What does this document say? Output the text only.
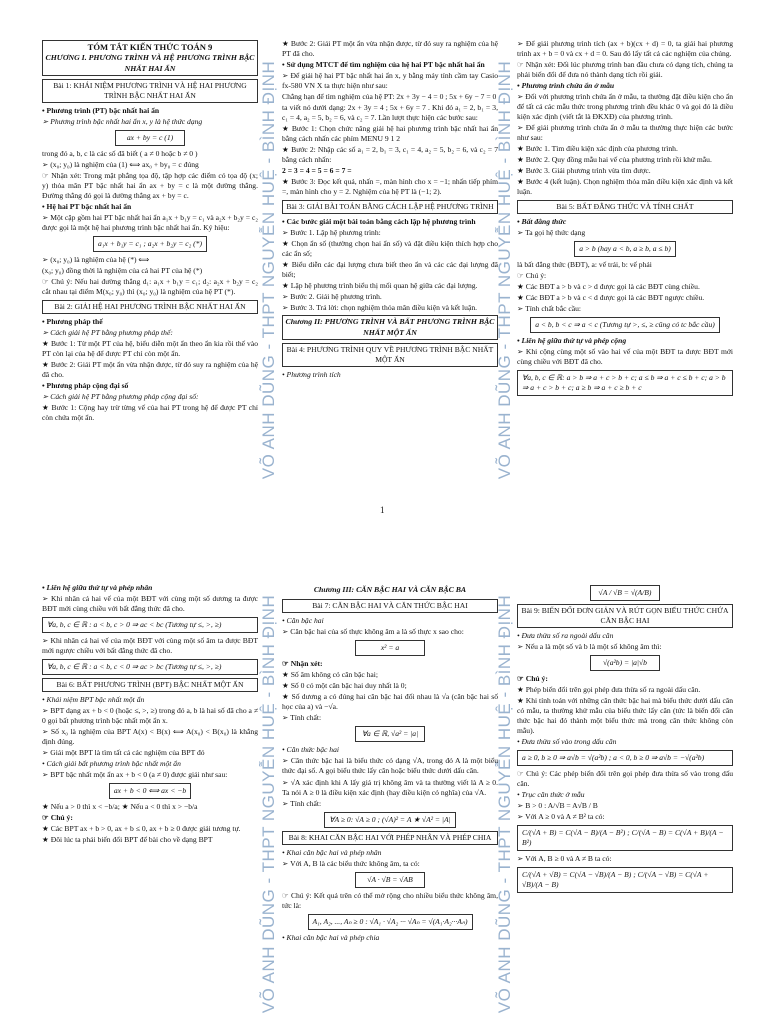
VÕ ANH DŨNG - THPT NGUYỄN HUỆ - BÌNH ĐỊNH	VÕ ANH DŨNG - THPT NGUYỄN HUỆ - BÌNH ĐỊNH
TÓM TẮT KIẾN THỨC TOÁN 9
CHƯƠNG I. PHƯƠNG TRÌNH VÀ HỆ PHƯƠNG TRÌNH BẬC NHẤT HAI ẨN
Bài 1: KHÁI NIỆM PHƯƠNG TRÌNH VÀ HỆ HAI PHƯƠNG TRÌNH BẬC NHẤT HAI ẨN

• Phương trình (PT) bậc nhất hai ẩn

➢ Phương trình bậc nhất hai ẩn x, y là hệ thức dạng

ax + by = c (1)

trong đó a, b, c là các số đã biết ( a ≠ 0 hoặc b ≠ 0 )

➢ (x₀; y₀) là nghiệm của (1) ⟺ ax₀ + by₀ = c đúng

☞ Nhận xét: Trong mặt phẳng tọa độ, tập hợp các điểm có tọa độ (x; y) thỏa mãn PT bậc nhất hai ẩn ax + by = c là một đường thẳng. Đường thẳng đó gọi là đường thẳng ax + by = c.

• Hệ hai PT bậc nhất hai ẩn

➢ Một cặp gồm hai PT bậc nhất hai ẩn a₁x + b₁y = c₁ và a₂x + b₂y = c₂ được gọi là một hệ hai phương trình bậc nhất hai ẩn. Ký hiệu:

a₁x + b₁y = c₁ ; a₂x + b₂y = c₂ (*)

➢ (x₀; y₀) là nghiệm của hệ (*) ⟺

(x₀; y₀) đồng thời là nghiệm của cả hai PT của hệ (*)

☞ Chú ý: Nếu hai đường thẳng d₁: a₁x + b₁y = c₁; d₂: a₂x + b₂y = c₂ cắt nhau tại điểm M(x₀; y₀) thì (x₀; y₀) là nghiệm của hệ PT (*).

Bài 2: GIẢI HỆ HAI PHƯƠNG TRÌNH BẬC NHẤT HAI ẨN

• Phương pháp thế

➢ Cách giải hệ PT bằng phương pháp thế:

★ Bước 1: Từ một PT của hệ, biểu diễn một ẩn theo ẩn kia rồi thế vào PT còn lại của hệ để được PT chỉ còn một ẩn.

★ Bước 2: Giải PT một ẩn vừa nhận được, từ đó suy ra nghiệm của hệ đã cho.

• Phương pháp cộng đại số

➢ Cách giải hệ PT bằng phương pháp cộng đại số:

★ Bước 1: Cộng hay trừ từng vế của hai PT trong hệ để được PT chỉ còn chứa một ẩn.

★ Bước 2: Giải PT một ẩn vừa nhận được, từ đó suy ra nghiệm của hệ PT đã cho.

• Sử dụng MTCT để tìm nghiệm của hệ hai PT bậc nhất hai ẩn

➢ Để giải hệ hai PT bậc nhất hai ẩn x, y bằng máy tính cầm tay Casio fx-580 VN X ta thực hiện như sau:

Chẳng hạn để tìm nghiệm của hệ PT: 2x + 3y − 4 = 0 ; 5x + 6y − 7 = 0

ta viết nó dưới dạng: 2x + 3y = 4 ; 5x + 6y = 7 . Khi đó a₁ = 2, b₁ = 3, c₁ = 4, a₂ = 5, b₂ = 6, và c₂ = 7. Lần lượt thực hiện các bước sau:

★ Bước 1: Chọn chức năng giải hệ hai phương trình bậc nhất hai ẩn bằng cách nhấn các phím MENU 9 1 2

★ Bước 2: Nhập các số a₁ = 2, b₁ = 3, c₁ = 4, a₂ = 5, b₂ = 6, và c₂ = 7 bằng cách nhấn:

2 = 3 = 4 = 5 = 6 = 7 =

★ Bước 3: Đọc kết quả, nhấn =, màn hình cho x = −1; nhấn tiếp phím =, màn hình cho y = 2. Nghiệm của hệ PT là (−1; 2).

Bài 3: GIẢI BÀI TOÁN BẰNG CÁCH LẬP HỆ PHƯƠNG TRÌNH

• Các bước giải một bài toán bằng cách lập hệ phương trình

➢ Bước 1. Lập hệ phương trình:

★ Chọn ẩn số (thường chọn hai ẩn số) và đặt điều kiện thích hợp cho các ẩn số;

★ Biểu diễn các đại lượng chưa biết theo ẩn và các các đại lượng đã biết;

★ Lập hệ phương trình biểu thị mối quan hệ giữa các đại lượng.

➢ Bước 2. Giải hệ phương trình.

➢ Bước 3. Trả lời: chọn nghiệm thỏa mãn điều kiện và kết luận.

Chương II: PHƯƠNG TRÌNH VÀ BẤT PHƯƠNG TRÌNH BẬC NHẤT MỘT ẨN
Bài 4: PHƯƠNG TRÌNH QUY VỀ PHƯƠNG TRÌNH BẬC NHẤT MỘT ẨN

• Phương trình tích

➢ Để giải phương trình tích (ax + b)(cx + d) = 0, ta giải hai phương trình ax + b = 0 và cx + d = 0. Sau đó lấy tất cả các nghiệm của chúng.

☞ Nhận xét: Đối lúc phương trình ban đầu chưa có dạng tích, chúng ta phải biến đổi để đưa nó thành dạng tích rồi giải.

• Phương trình chứa ẩn ở mẫu

➢ Đối với phương trình chứa ẩn ở mẫu, ta thường đặt điều kiện cho ẩn để tất cả các mẫu thức trong phương trình đều khác 0 và gọi đó là điều kiện xác định (viết tắt là ĐKXĐ) của phương trình.

➢ Để giải phương trình chứa ẩn ở mẫu ta thường thực hiện các bước như sau:

★ Bước 1. Tìm điều kiện xác định của phương trình.

★ Bước 2. Quy đồng mẫu hai vế của phương trình rồi khử mẫu.

★ Bước 3. Giải phương trình vừa tìm được.

★ Bước 4 (kết luận). Chọn nghiệm thỏa mãn điều kiện xác định và kết luận.

Bài 5: BẤT ĐẲNG THỨC VÀ TÍNH CHẤT

• Bất đẳng thức

➢ Ta gọi hệ thức dạng

a > b (hay a < b, a ≥ b, a ≤ b)

là bất đẳng thức (BĐT), a: vế trái, b: vế phải

☞ Chú ý:

★ Các BĐT a > b và c > d được gọi là các BĐT cùng chiều.

★ Các BĐT a > b và c < d được gọi là các BĐT ngược chiều.

➢ Tính chất bắc cầu:

a < b, b < c ⇒ a < c (Tương tự >, ≤, ≥ cũng có tc bắc cầu)

• Liên hệ giữa thứ tự và phép cộng

➢ Khi cộng cùng một số vào hai vế của một BĐT ta được BĐT mới cùng chiều với BĐT đã cho.

∀a, b, c ∈ ℝ: a > b ⇒ a + c > b + c; a ≤ b ⇒ a + c ≤ b + c; a > b ⇒ a + c > b + c; a ≥ b ⇒ a + c ≥ b + c
1
VÕ ANH DŨNG - THPT NGUYỄN HUỆ - BÌNH ĐỊNH	VÕ ANH DŨNG - THPT NGUYỄN HUỆ - BÌNH ĐỊNH

• Liên hệ giữa thứ tự và phép nhân

➢ Khi nhân cả hai vế của một BĐT với cùng một số dương ta được BĐT mới cùng chiều với bất đẳng thức đã cho.

∀a, b, c ∈ ℝ : a < b, c > 0 ⇒ ac < bc (Tương tự ≤, >, ≥)

➢ Khi nhân cả hai vế của một BĐT với cùng một số âm ta được BĐT mới ngược chiều với bất đẳng thức đã cho.

∀a, b, c ∈ ℝ : a < b, c < 0 ⇒ ac > bc (Tương tự ≤, >, ≥)
Bài 6: BẤT PHƯƠNG TRÌNH (BPT) BẬC NHẤT MỘT ẨN

• Khái niệm BPT bậc nhất một ẩn

➢ BPT dạng ax + b < 0 (hoặc ≤, >, ≥) trong đó a, b là hai số đã cho a ≠ 0 gọi bất phương trình bậc nhất một ẩn x.

➢ Số x₀ là nghiệm của BPT A(x) < B(x) ⟺ A(x₀) < B(x₀) là khẳng định đúng.

➢ Giải một BPT là tìm tất cả các nghiệm của BPT đó

• Cách giải bất phương trình bậc nhất một ẩn

➢ BPT bậc nhất một ẩn ax + b < 0 (a ≠ 0) được giải như sau:

ax + b < 0 ⟺ ax < −b

★ Nếu a > 0 thì x < −b/a; ★ Nếu a < 0 thì x > −b/a

☞ Chú ý:

★ Các BPT ax + b > 0, ax + b ≤ 0, ax + b ≥ 0 được giải tương tự.

★ Đôi lúc ta phải biến đổi BPT để bài cho về dạng BPT

Chương III: CĂN BẬC HAI VÀ CĂN BẬC BA
Bài 7: CĂN BẬC HAI VÀ CĂN THỨC BẬC HAI

• Căn bậc hai

➢ Căn bậc hai của số thực không âm a là số thực x sao cho:

x² = a

☞ Nhận xét:

★ Số âm không có căn bậc hai;

★ Số 0 có một căn bậc hai duy nhất là 0;

★ Số dương a có đúng hai căn bậc hai đối nhau là √a (căn bậc hai số học của a) và −√a.

➢ Tính chất:

∀a ∈ ℝ, √a² = |a|

• Căn thức bậc hai

➢ Căn thức bậc hai là biểu thức có dạng √A, trong đó A là một biểu thức đại số. A gọi biểu thức lấy căn hoặc biểu thức dưới dấu căn.

➢ √A xác định khi A lấy giá trị không âm và ta thường viết là A ≥ 0. Ta nói A ≥ 0 là điều kiện xác định (hay điều kiện có nghĩa) của √A.

➢ Tính chất:

∀A ≥ 0: √A ≥ 0 ; (√A)² = A ★ √A² = |A|
Bài 8: KHAI CĂN BẬC HAI VỚI PHÉP NHÂN VÀ PHÉP CHIA

• Khai căn bậc hai và phép nhân

➢ Với A, B là các biểu thức không âm, ta có:

√A · √B = √AB

☞ Chú ý: Kết quả trên có thể mở rộng cho nhiều biểu thức không âm, tức là:

A₁, A₂, ..., Aₙ ≥ 0 : √A₁ · √A₂ ··· √Aₙ = √(A₁·A₂···Aₙ)

• Khai căn bậc hai và phép chia

√A / √B = √(A/B)
Bài 9: BIẾN ĐỔI ĐƠN GIẢN VÀ RÚT GỌN BIỂU THỨC CHỨA CĂN BẬC HAI

• Đưa thừa số ra ngoài dấu căn

➢ Nếu a là một số và b là một số không âm thì:

√(a²b) = |a|√b

☞ Chú ý:

★ Phép biến đổi trên gọi phép đưa thừa số ra ngoài dấu căn.

★ Khi tính toán với những căn thức bậc hai mà biểu thức dưới dấu căn có mẫu, ta thường khử mẫu của biểu thức lấy căn (tức là biến đổi căn thức bậc hai đó thành một biểu thức mà trong căn thức không còn mẫu).

• Đưa thừa số vào trong dấu căn

a ≥ 0, b ≥ 0 ⇒ a√b = √(a²b) ; a < 0, b ≥ 0 ⇒ a√b = −√(a²b)

☞ Chú ý: Các phép biến đổi trên gọi phép đưa thừa số vào trong dấu căn.

• Trục căn thức ở mẫu

➢ B > 0 : A/√B = A√B / B

➢ Với A ≥ 0 và A ≠ B² ta có:

C/(√A + B) = C(√A − B)/(A − B²) ; C/(√A − B) = C(√A + B)/(A − B²)

➢ Với A, B ≥ 0 và A ≠ B ta có:

C/(√A + √B) = C(√A − √B)/(A − B) ; C/(√A − √B) = C(√A + √B)/(A − B)
